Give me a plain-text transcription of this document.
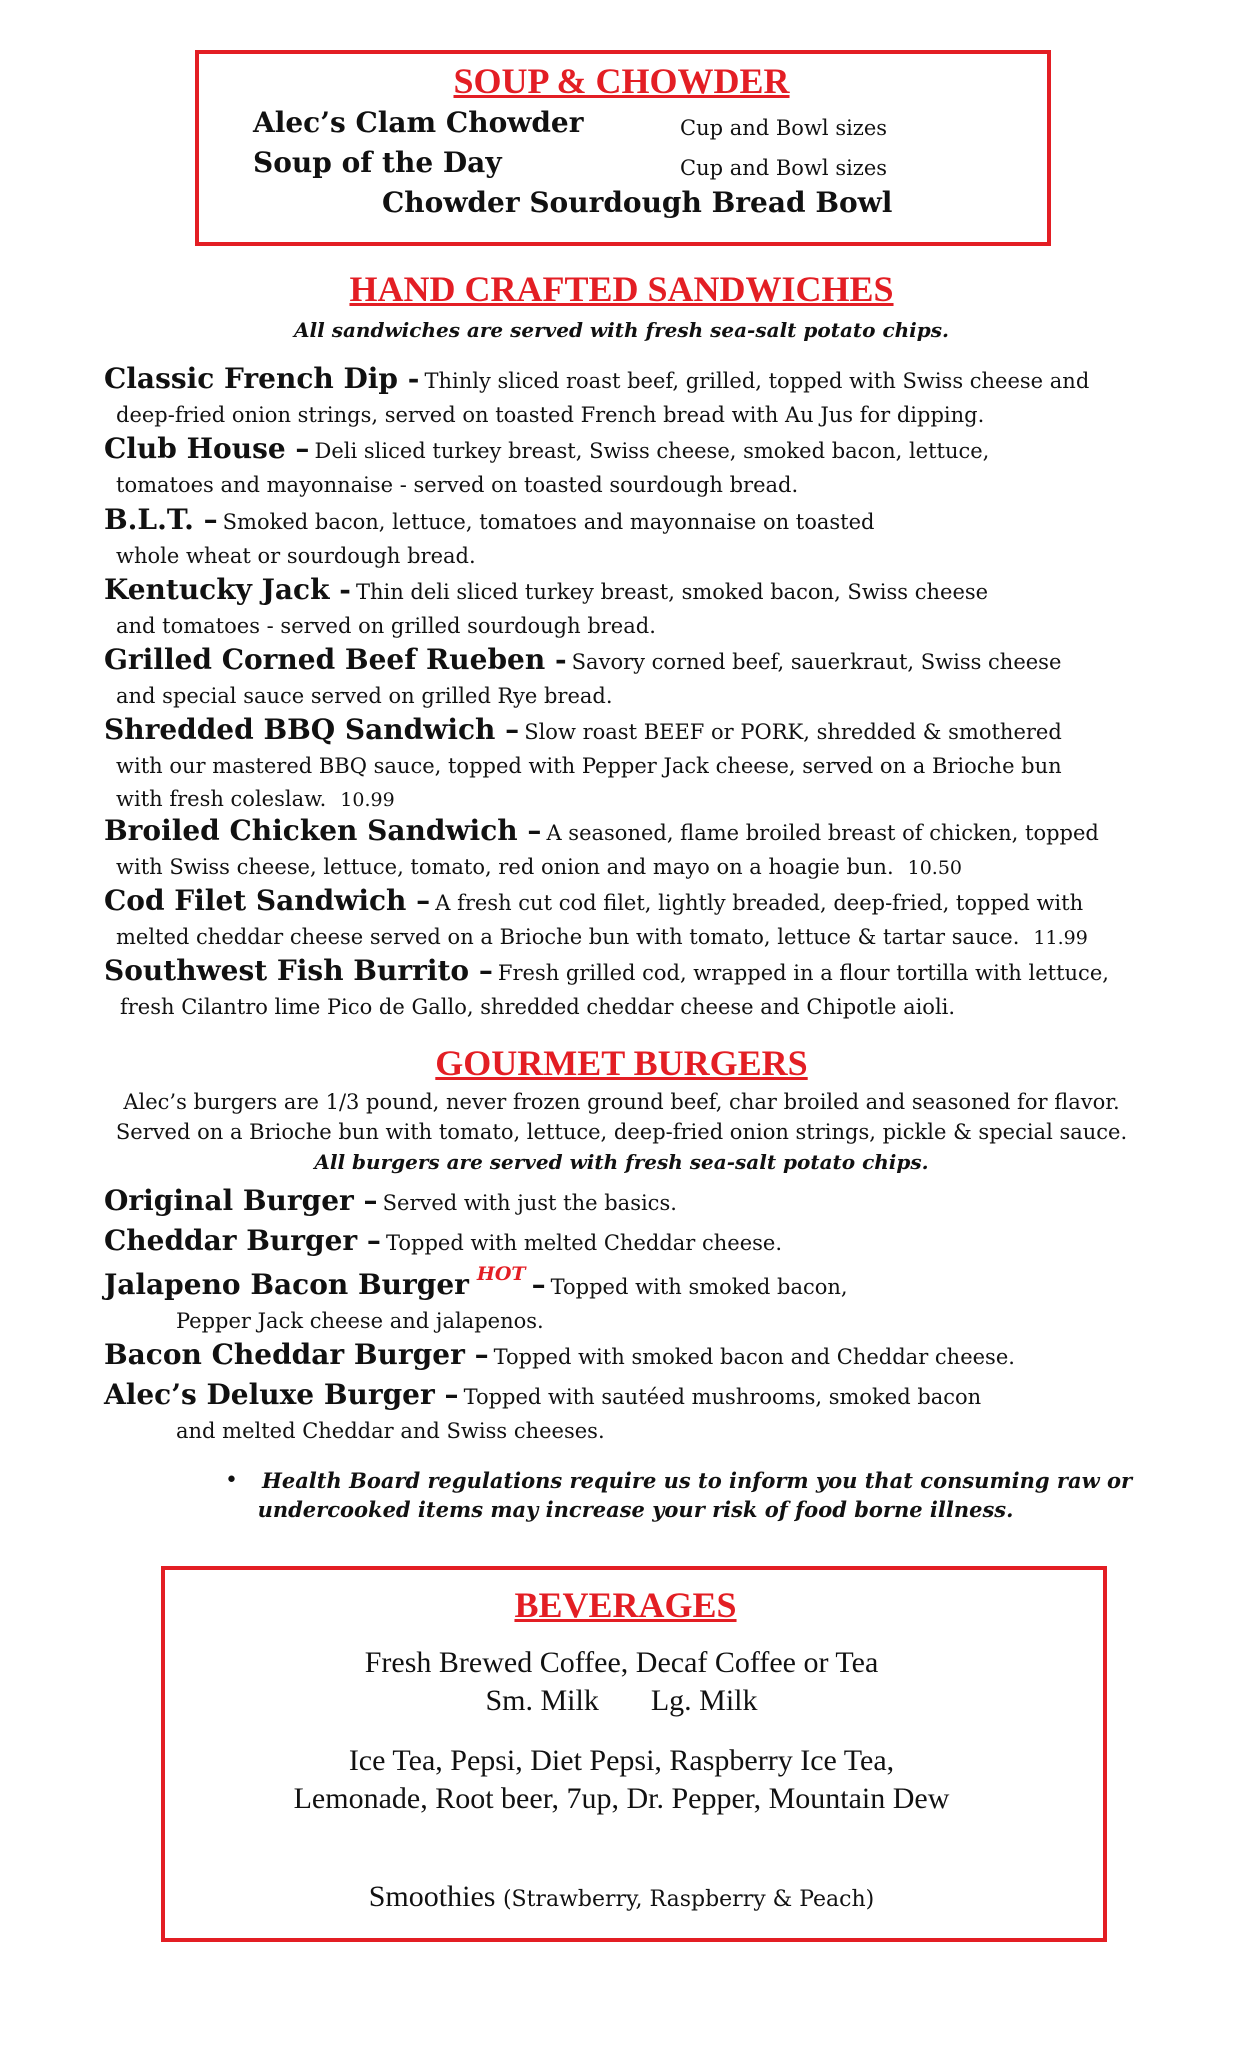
SOUP & CHOWDER
Alec’s Clam Chowder	Cup and Bowl sizes
Soup of the Day	Cup and Bowl sizes
Chowder Sourdough Bread Bowl
HAND CRAFTED SANDWICHES
All sandwiches are served with fresh sea-salt potato chips.
Classic French Dip - Thinly sliced roast beef, grilled, topped with Swiss cheese and
deep-fried onion strings, served on toasted French bread with Au Jus for dipping.
Club House – Deli sliced turkey breast, Swiss cheese, smoked bacon, lettuce,
tomatoes and mayonnaise - served on toasted sourdough bread.
B.L.T. – Smoked bacon, lettuce, tomatoes and mayonnaise on toasted
whole wheat or sourdough bread.
Kentucky Jack - Thin deli sliced turkey breast, smoked bacon, Swiss cheese
and tomatoes - served on grilled sourdough bread.
Grilled Corned Beef Rueben - Savory corned beef, sauerkraut, Swiss cheese
and special sauce served on grilled Rye bread.
Shredded BBQ Sandwich – Slow roast BEEF or PORK, shredded & smothered
with our mastered BBQ sauce, topped with Pepper Jack cheese, served on a Brioche bun
with fresh coleslaw. 10.99
Broiled Chicken Sandwich – A seasoned, flame broiled breast of chicken, topped
with Swiss cheese, lettuce, tomato, red onion and mayo on a hoagie bun. 10.50
Cod Filet Sandwich – A fresh cut cod filet, lightly breaded, deep-fried, topped with
melted cheddar cheese served on a Brioche bun with tomato, lettuce & tartar sauce. 11.99
Southwest Fish Burrito – Fresh grilled cod, wrapped in a flour tortilla with lettuce,
fresh Cilantro lime Pico de Gallo, shredded cheddar cheese and Chipotle aioli.
GOURMET BURGERS
Alec’s burgers are 1/3 pound, never frozen ground beef, char broiled and seasoned for flavor.
Served on a Brioche bun with tomato, lettuce, deep-fried onion strings, pickle & special sauce.
All burgers are served with fresh sea-salt potato chips.
Original Burger – Served with just the basics.
Cheddar Burger – Topped with melted Cheddar cheese.
Jalapeno Bacon Burger HOT – Topped with smoked bacon,
Pepper Jack cheese and jalapenos.
Bacon Cheddar Burger – Topped with smoked bacon and Cheddar cheese.
Alec’s Deluxe Burger – Topped with sautéed mushrooms, smoked bacon
and melted Cheddar and Swiss cheeses.
• Health Board regulations require us to inform you that consuming raw or
undercooked items may increase your risk of food borne illness.
BEVERAGES
Fresh Brewed Coffee, Decaf Coffee or Tea
Sm. Milk Lg. Milk
Ice Tea, Pepsi, Diet Pepsi, Raspberry Ice Tea,
Lemonade, Root beer, 7up, Dr. Pepper, Mountain Dew
Smoothies (Strawberry, Raspberry & Peach)
